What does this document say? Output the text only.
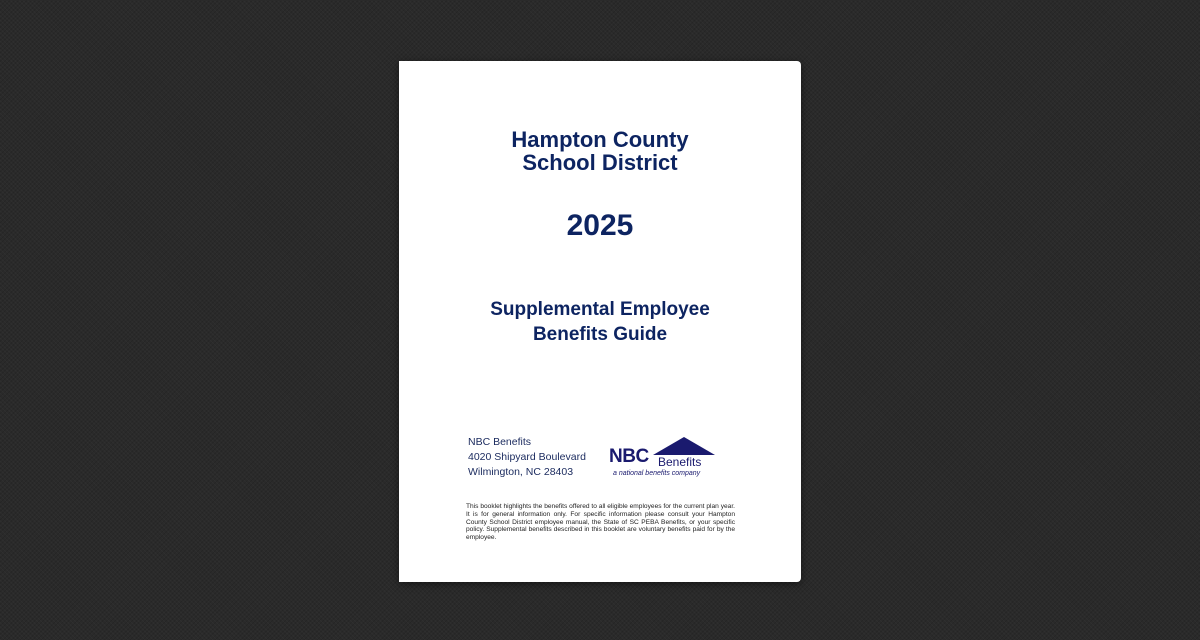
Hampton County
School District
2025
Supplemental Employee
Benefits Guide
NBC Benefits
4020 Shipyard Boulevard
Wilmington, NC 28403
NBC Benefits
a national benefits company
This booklet highlights the benefits offered to all eligible employees for the current plan year. It is for general information only. For specific information please consult your Hampton County School District employee manual, the State of SC PEBA Benefits, or your specific policy. Supplemental benefits described in this booklet are voluntary benefits paid for by the employee.
